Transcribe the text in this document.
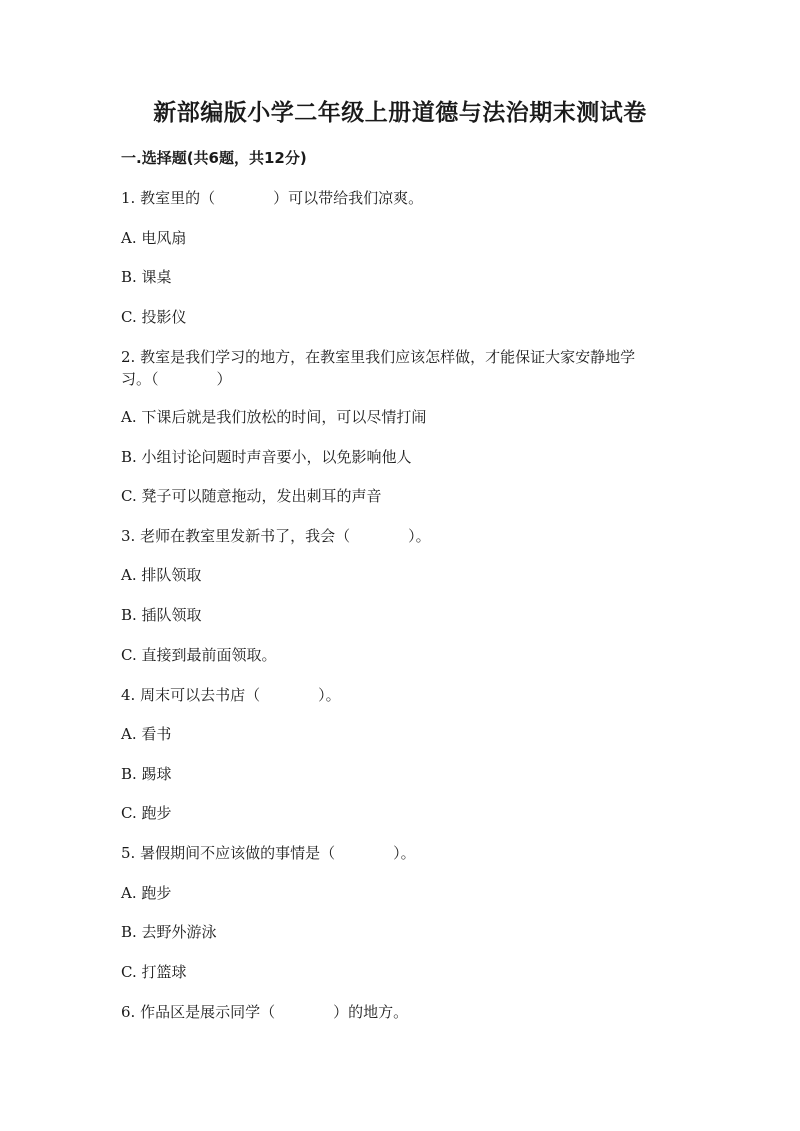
新部编版小学二年级上册道德与法治期末测试卷
一.选择题(共6题，共12分)
1. 教室里的（	）可以带给我们凉爽。
A. 电风扇
B. 课桌
C. 投影仪
2. 教室是我们学习的地方，在教室里我们应该怎样做，才能保证大家安静地学
习。（	）
A. 下课后就是我们放松的时间，可以尽情打闹
B. 小组讨论问题时声音要小，以免影响他人
C. 凳子可以随意拖动，发出刺耳的声音
3. 老师在教室里发新书了，我会（	）。
A. 排队领取
B. 插队领取
C. 直接到最前面领取。
4. 周末可以去书店（	）。
A. 看书
B. 踢球
C. 跑步
5. 暑假期间不应该做的事情是（	）。
A. 跑步
B. 去野外游泳
C. 打篮球
6. 作品区是展示同学（	）的地方。
